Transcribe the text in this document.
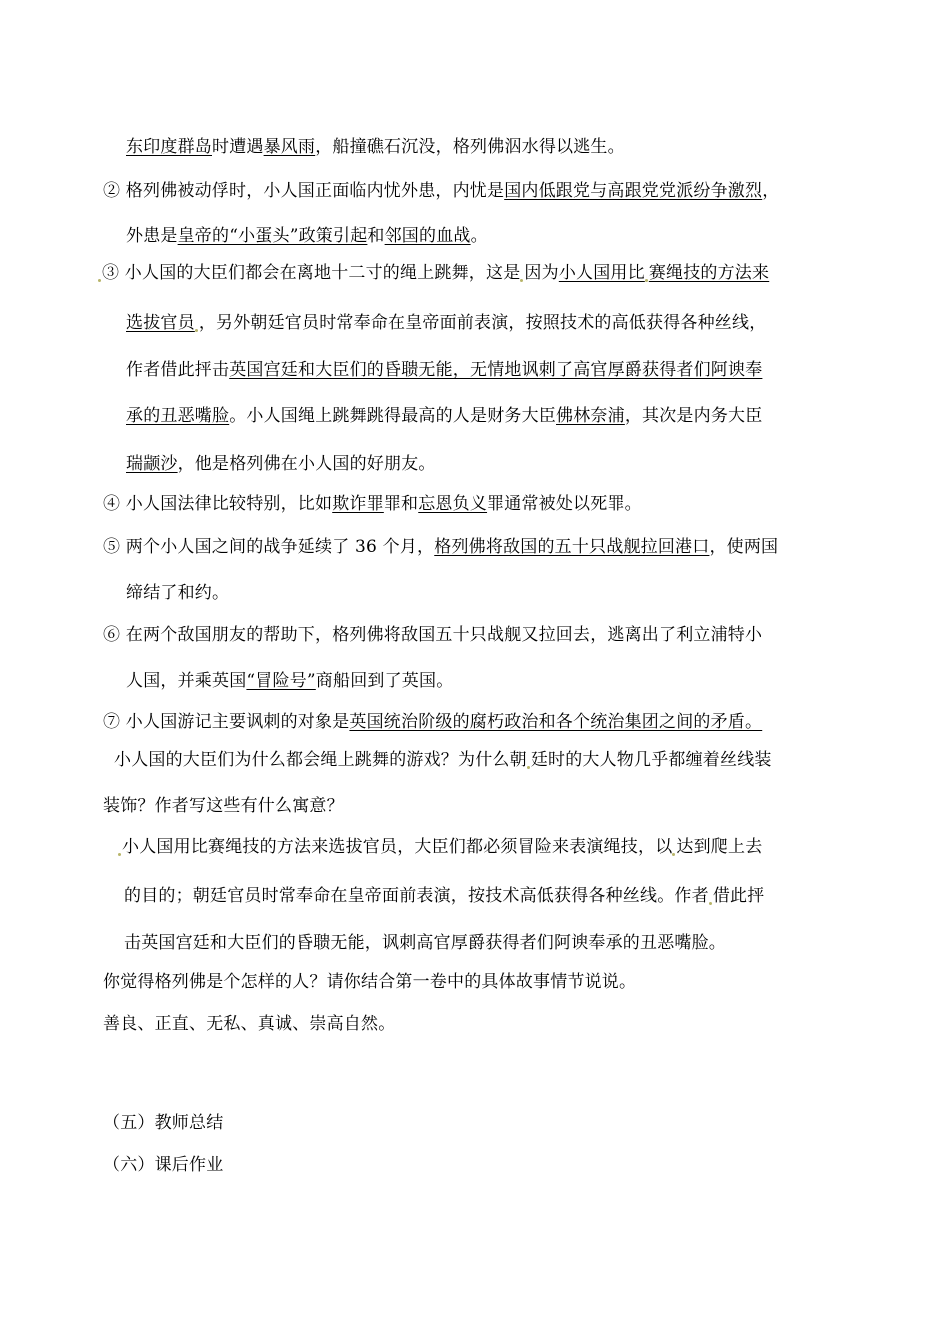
东印度群岛时遭遇暴风雨，船撞礁石沉没，格列佛泅水得以逃生。
② 格列佛被动俘时，小人国正面临内忧外患，内忧是国内低跟党与高跟党党派纷争激烈，
外患是皇帝的“小蛋头”政策引起和邻国的血战。
③ 小人国的大臣们都会在离地十二寸的绳上跳舞，这是 因为小人国用比 赛绳技的方法来
选拔官员 ，另外朝廷官员时常奉命在皇帝面前表演，按照技术的高低获得各种丝线，
作者借此抨击英国宫廷和大臣们的昏聩无能，无情地讽刺了高官厚爵获得者们阿谀奉
承的丑恶嘴脸。小人国绳上跳舞跳得最高的人是财务大臣佛林奈浦，其次是内务大臣
瑞颛沙，他是格列佛在小人国的好朋友。
④ 小人国法律比较特别，比如欺诈罪罪和忘恩负义罪通常被处以死罪。
⑤ 两个小人国之间的战争延续了 36 个月，格列佛将敌国的五十只战舰拉回港口，使两国
缔结了和约。
⑥ 在两个敌国朋友的帮助下，格列佛将敌国五十只战舰又拉回去，逃离出了利立浦特小
人国，并乘英国“冒险号”商船回到了英国。
⑦ 小人国游记主要讽刺的对象是英国统治阶级的腐朽政治和各个统治集团之间的矛盾。
小人国的大臣们为什么都会绳上跳舞的游戏？为什么朝 廷时的大人物几乎都缠着丝线装
装饰？作者写这些有什么寓意？
小人国用比赛绳技的方法来选拔官员，大臣们都必须冒险来表演绳技，以 达到爬上去
的目的；朝廷官员时常奉命在皇帝面前表演，按技术高低获得各种丝线。作者 借此抨
击英国宫廷和大臣们的昏聩无能，讽刺高官厚爵获得者们阿谀奉承的丑恶嘴脸。
你觉得格列佛是个怎样的人？请你结合第一卷中的具体故事情节说说。
善良、正直、无私、真诚、崇高自然。
（五）教师总结
（六）课后作业
